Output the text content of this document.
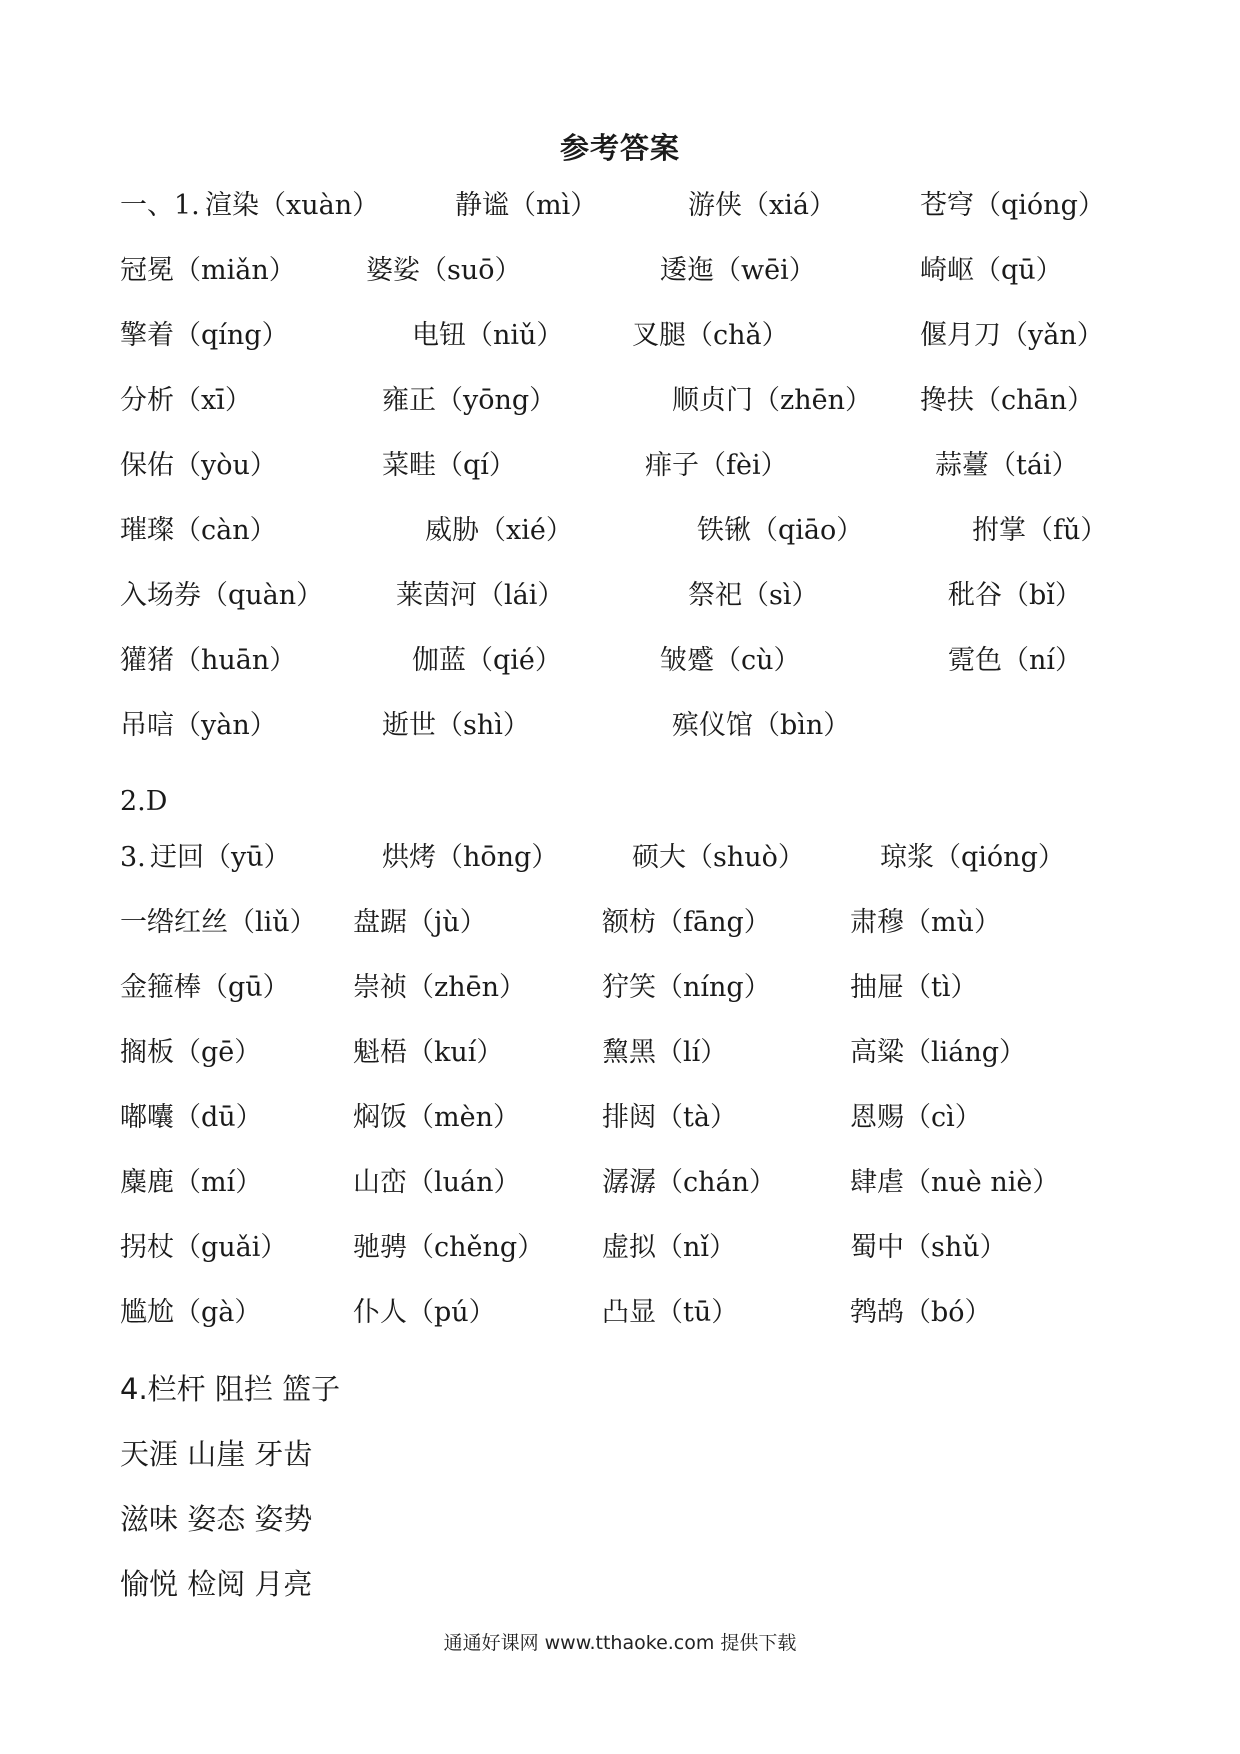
参考答案
一、1. 渲染（xuàn）	静谧（mì）	游侠（xiá）	苍穹（qióng）
冠冕（miǎn）	婆娑（suō）	逶迤（wēi）	崎岖（qū）
擎着（qíng）	电钮（niǔ）	叉腿（chǎ）	偃月刀（yǎn）
分析（xī）	雍正（yōng）	顺贞门（zhēn） 搀扶（chān）
保佑（yòu）	菜畦（qí）	痱子（fèi）	蒜薹（tái）
璀璨（càn）	威胁（xié）	铁锹（qiāo）	拊掌（fǔ）
入场券（quàn）	莱茵河（lái）	祭祀（sì）	秕谷（bǐ）
獾猪（huān）	伽蓝（qié）	皱蹙（cù）	霓色（ní）
吊唁（yàn）	逝世（shì）	殡仪馆（bìn）
2.D
3. 迂回（yū）	烘烤（hōng）	硕大（shuò）	琼浆（qióng）
一绺红丝（liǔ） 盘踞（jù）	额枋（fāng）	肃穆（mù）
金箍棒（gū） 崇祯（zhēn）	狞笑（níng）	抽屉（tì）
搁板（gē）	魁梧（kuí）	黧黑（lí）	高粱（liáng）
嘟囔（dū）	焖饭（mèn）	排闼（tà）	恩赐（cì）
麋鹿（mí）	山峦（luán）	潺潺（chán）	肆虐（nuè niè）
拐杖（guǎi） 驰骋（chěng） 虚拟（nǐ）	蜀中（shǔ）
尴尬（gà）	仆人（pú）	凸显（tū）	鹁鸪（bó）
4.栏杆 阻拦 篮子
天涯 山崖 牙齿
滋味 姿态 姿势
愉悦 检阅 月亮
通通好课网 www.tthaoke.com 提供下载
